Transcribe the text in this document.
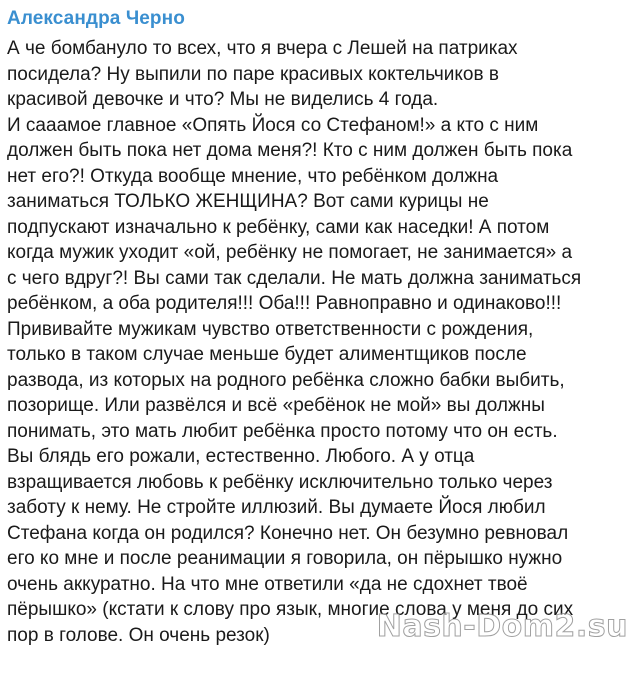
Александра Черно
А че бомбануло то всех, что я вчера с Лешей на патриках
посидела? Ну выпили по паре красивых коктельчиков в
красивой девочке и что? Мы не виделись 4 года.
И сааамое главное «Опять Йося со Стефаном!» а кто с ним
должен быть пока нет дома меня?! Кто с ним должен быть пока
нет его?! Откуда вообще мнение, что ребёнком должна
заниматься ТОЛЬКО ЖЕНЩИНА? Вот сами курицы не
подпускают изначально к ребёнку, сами как наседки! А потом
когда мужик уходит «ой, ребёнку не помогает, не занимается» а
с чего вдруг?! Вы сами так сделали. Не мать должна заниматься
ребёнком, а оба родителя!!! Оба!!! Равноправно и одинаково!!!
Прививайте мужикам чувство ответственности с рождения,
только в таком случае меньше будет алиментщиков после
развода, из которых на родного ребёнка сложно бабки выбить,
позорище. Или развёлся и всё «ребёнок не мой» вы должны
понимать, это мать любит ребёнка просто потому что он есть.
Вы блядь его рожали, естественно. Любого. А у отца
взращивается любовь к ребёнку исключительно только через
заботу к нему. Не стройте иллюзий. Вы думаете Йося любил
Стефана когда он родился? Конечно нет. Он безумно ревновал
его ко мне и после реанимации я говорила, он пёрышко нужно
очень аккуратно. На что мне ответили «да не сдохнет твоё
пёрышко» (кстати к слову про язык, многие слова у меня до сих
пор в голове. Он очень резок)	Nash-Dom2.su
